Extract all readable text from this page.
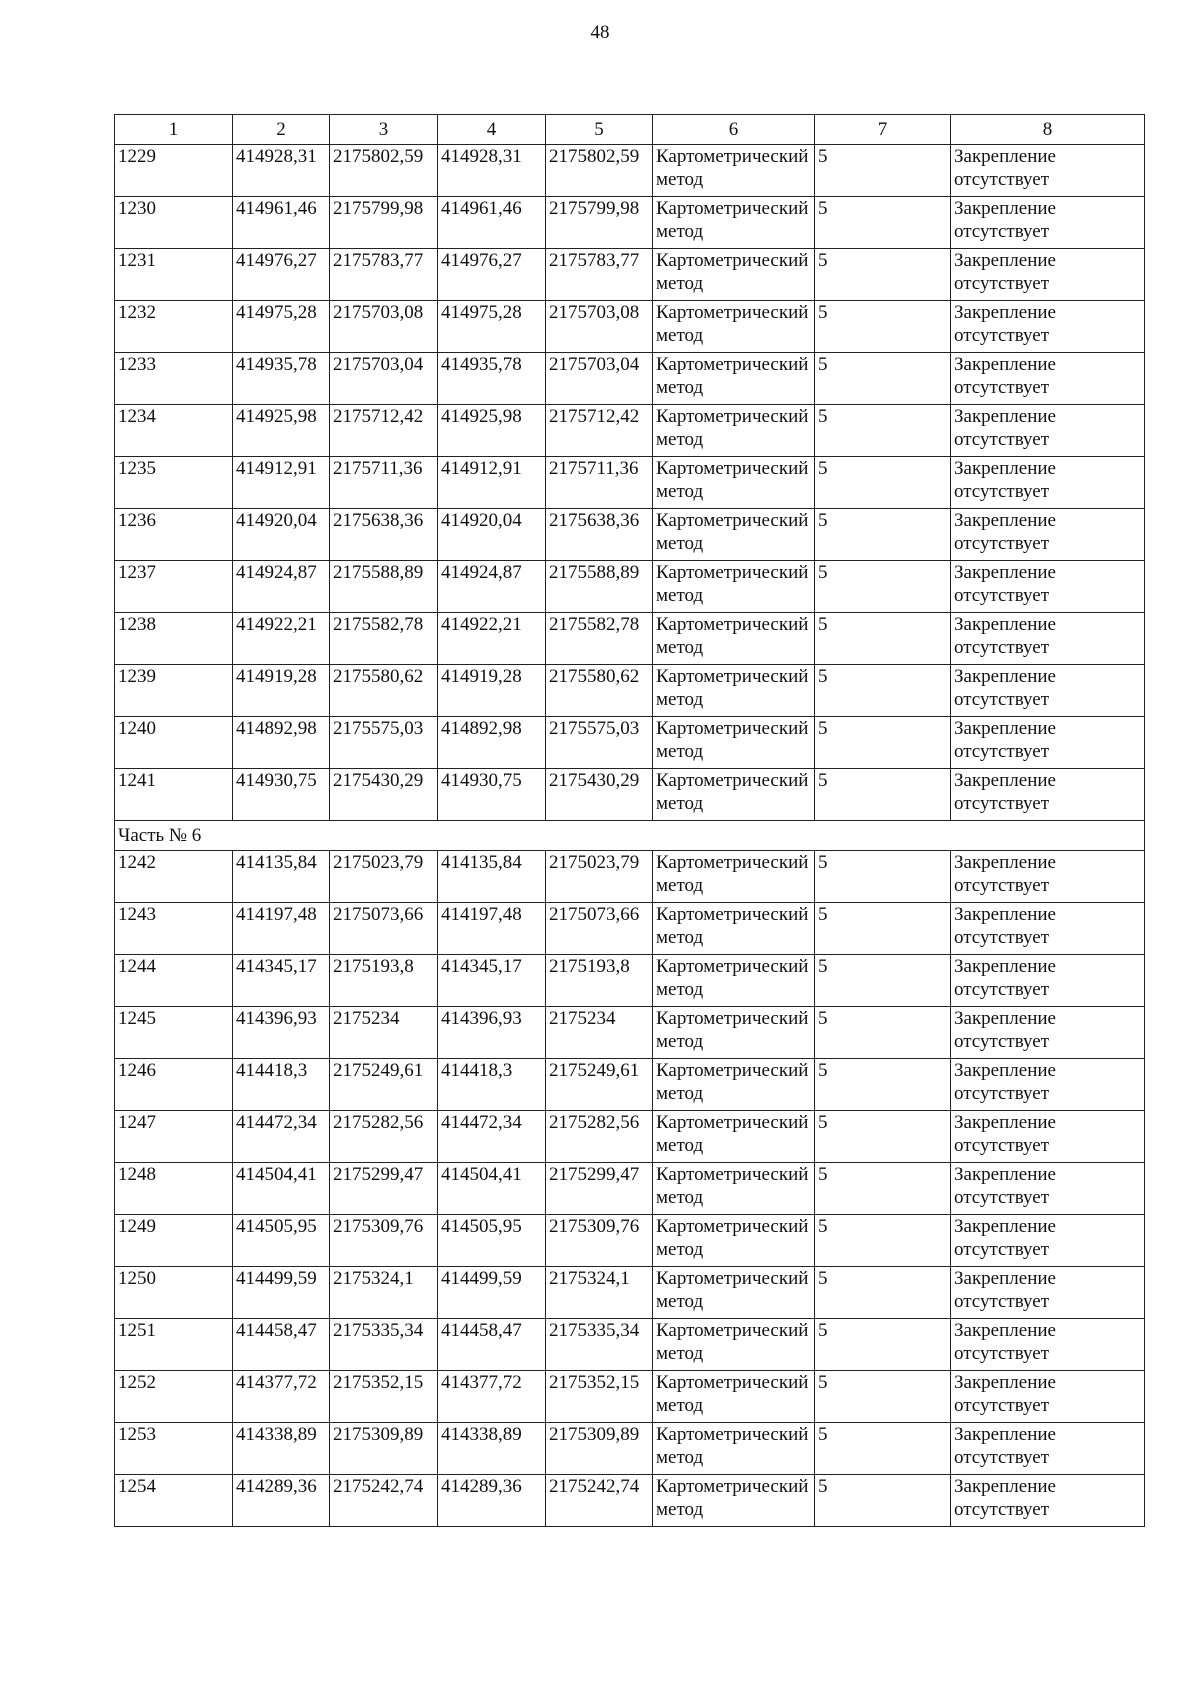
48
1	2	3	4	5	6	7	8
1229	414928,31	2175802,59	414928,31	2175802,59	Картометрический метод	5	Закрепление отсутствует
1230	414961,46	2175799,98	414961,46	2175799,98	Картометрический метод	5	Закрепление отсутствует
1231	414976,27	2175783,77	414976,27	2175783,77	Картометрический метод	5	Закрепление отсутствует
1232	414975,28	2175703,08	414975,28	2175703,08	Картометрический метод	5	Закрепление отсутствует
1233	414935,78	2175703,04	414935,78	2175703,04	Картометрический метод	5	Закрепление отсутствует
1234	414925,98	2175712,42	414925,98	2175712,42	Картометрический метод	5	Закрепление отсутствует
1235	414912,91	2175711,36	414912,91	2175711,36	Картометрический метод	5	Закрепление отсутствует
1236	414920,04	2175638,36	414920,04	2175638,36	Картометрический метод	5	Закрепление отсутствует
1237	414924,87	2175588,89	414924,87	2175588,89	Картометрический метод	5	Закрепление отсутствует
1238	414922,21	2175582,78	414922,21	2175582,78	Картометрический метод	5	Закрепление отсутствует
1239	414919,28	2175580,62	414919,28	2175580,62	Картометрический метод	5	Закрепление отсутствует
1240	414892,98	2175575,03	414892,98	2175575,03	Картометрический метод	5	Закрепление отсутствует
1241	414930,75	2175430,29	414930,75	2175430,29	Картометрический метод	5	Закрепление отсутствует
Часть № 6							
1242	414135,84	2175023,79	414135,84	2175023,79	Картометрический метод	5	Закрепление отсутствует
1243	414197,48	2175073,66	414197,48	2175073,66	Картометрический метод	5	Закрепление отсутствует
1244	414345,17	2175193,8	414345,17	2175193,8	Картометрический метод	5	Закрепление отсутствует
1245	414396,93	2175234	414396,93	2175234	Картометрический метод	5	Закрепление отсутствует
1246	414418,3	2175249,61	414418,3	2175249,61	Картометрический метод	5	Закрепление отсутствует
1247	414472,34	2175282,56	414472,34	2175282,56	Картометрический метод	5	Закрепление отсутствует
1248	414504,41	2175299,47	414504,41	2175299,47	Картометрический метод	5	Закрепление отсутствует
1249	414505,95	2175309,76	414505,95	2175309,76	Картометрический метод	5	Закрепление отсутствует
1250	414499,59	2175324,1	414499,59	2175324,1	Картометрический метод	5	Закрепление отсутствует
1251	414458,47	2175335,34	414458,47	2175335,34	Картометрический метод	5	Закрепление отсутствует
1252	414377,72	2175352,15	414377,72	2175352,15	Картометрический метод	5	Закрепление отсутствует
1253	414338,89	2175309,89	414338,89	2175309,89	Картометрический метод	5	Закрепление отсутствует
1254	414289,36	2175242,74	414289,36	2175242,74	Картометрический метод	5	Закрепление отсутствует
